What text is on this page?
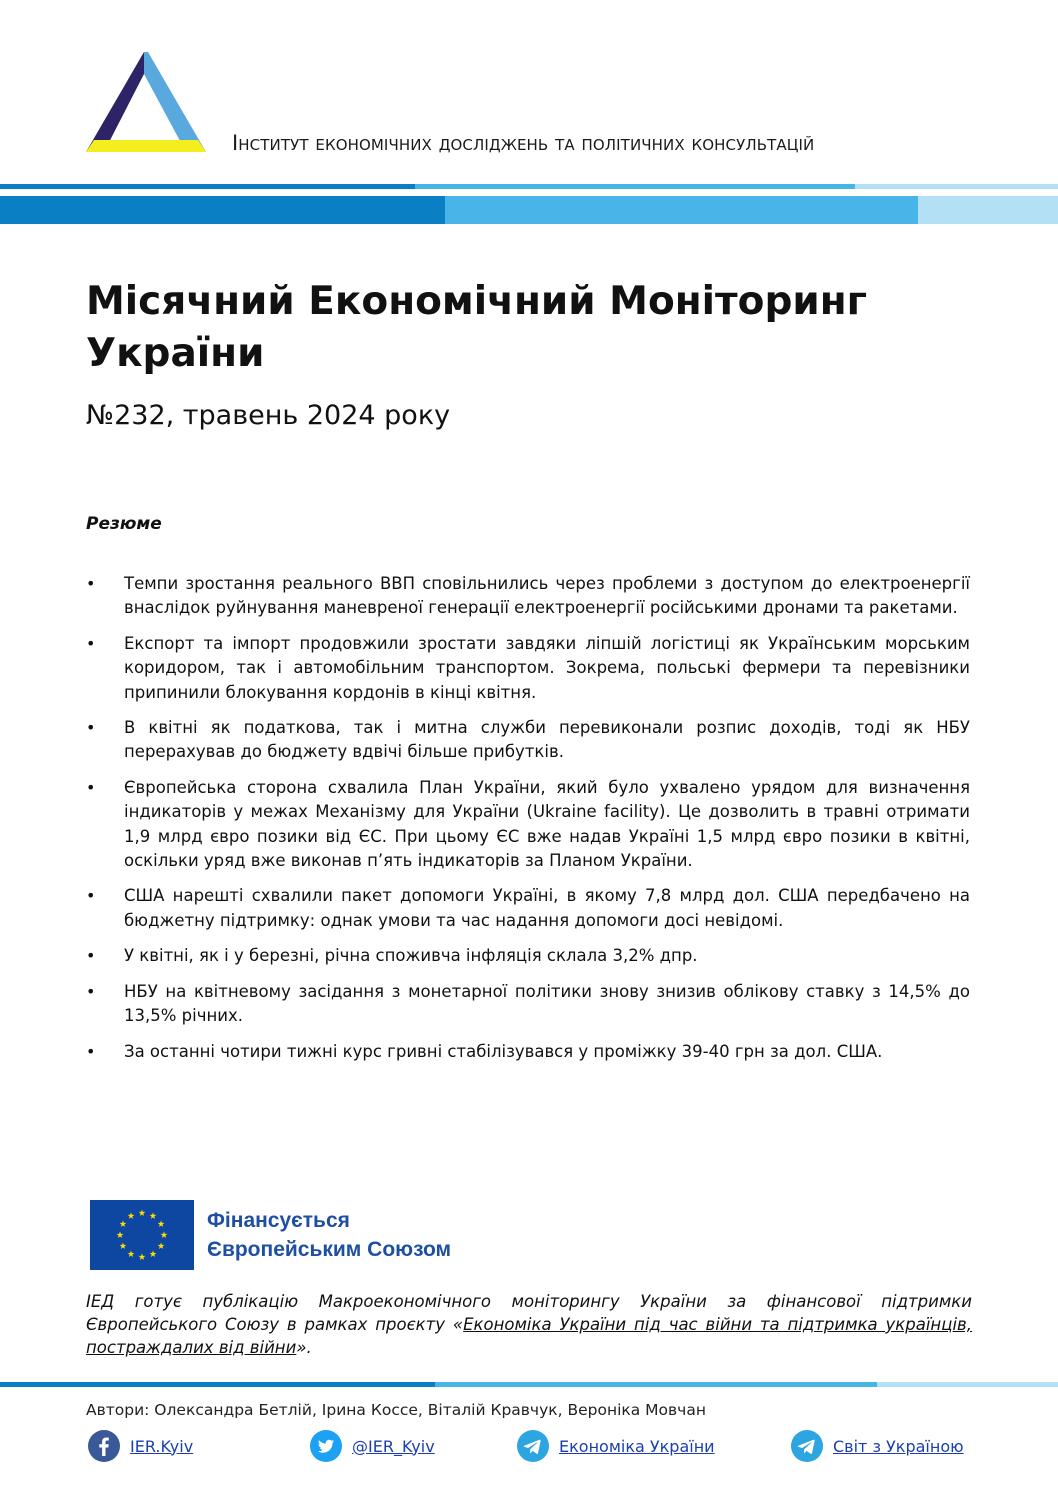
Інститут економічних досліджень та політичних консультацій
Місячний Економічний Моніторинг України
№232, травень 2024 року
Резюме
• Темпи зростання реального ВВП сповільнились через проблеми з доступом до електроенергії внаслідок руйнування маневреної генерації електроенергії російськими дронами та ракетами.
• Експорт та імпорт продовжили зростати завдяки ліпшій логістиці як Українським морським коридором, так і автомобільним транспортом. Зокрема, польські фермери та перевізники припинили блокування кордонів в кінці квітня.
• В квітні як податкова, так і митна служби перевиконали розпис доходів, тоді як НБУ перерахував до бюджету вдвічі більше прибутків.
• Європейська сторона схвалила План України, який було ухвалено урядом для визначення індикаторів у межах Механізму для України (Ukraine facility). Це дозволить в травні отримати 1,9 млрд євро позики від ЄС. При цьому ЄС вже надав Україні 1,5 млрд євро позики в квітні, оскільки уряд вже виконав п’ять індикаторів за Планом України.
• США нарешті схвалили пакет допомоги Україні, в якому 7,8 млрд дол. США передбачено на бюджетну підтримку: однак умови та час надання допомоги досі невідомі.
• У квітні, як і у березні, річна споживча інфляція склала 3,2% дпр.
• НБУ на квітневому засідання з монетарної політики знову знизив облікову ставку з 14,5% до 13,5% річних.
• За останні чотири тижні курс гривні стабілізувався у проміжку 39-40 грн за дол. США.
Фінансується
Європейським Союзом
ІЕД готує публікацію Макроекономічного моніторингу України за фінансової підтримки Європейського Союзу в рамках проєкту «Економіка України під час війни та підтримка українців, постраждалих від війни».
Автори: Олександра Бетлій, Ірина Коссе, Віталій Кравчук, Вероніка Мовчан
IER.Kyiv	@IER_Kyiv	Економіка України	Світ з Україною
